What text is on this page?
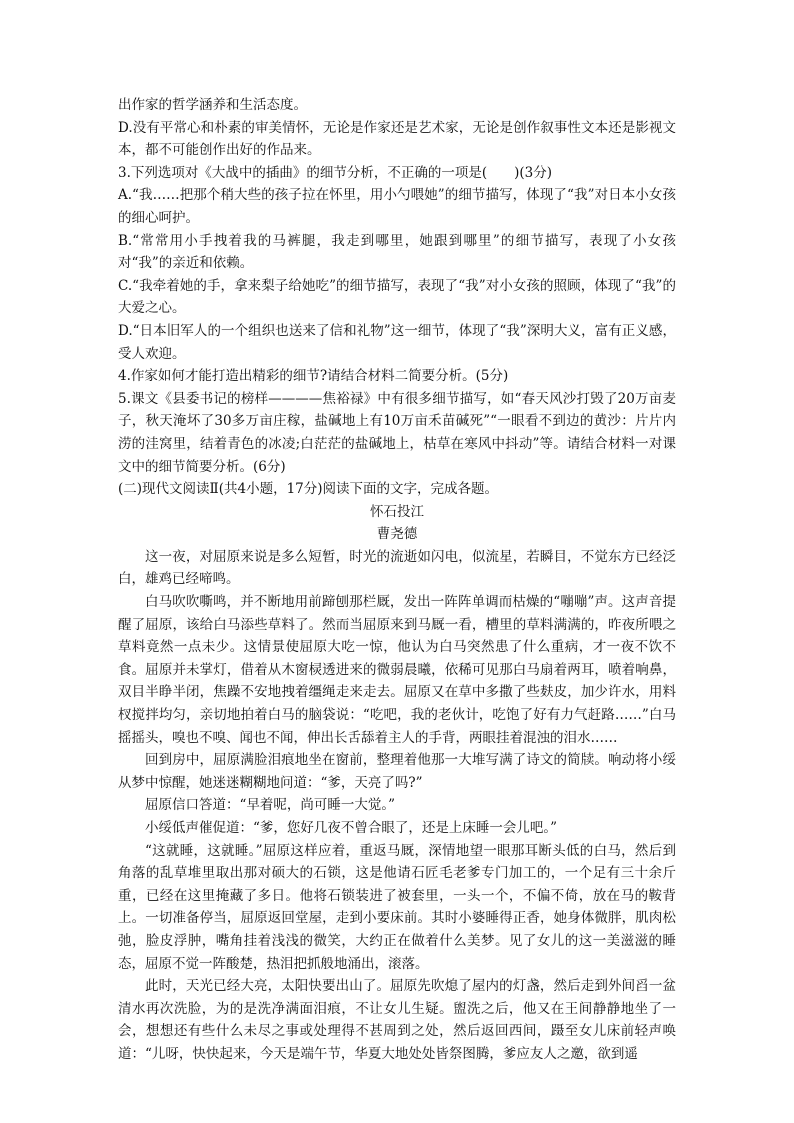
出作家的哲学涵养和生活态度。

D.没有平常心和朴素的审美情怀，无论是作家还是艺术家，无论是创作叙事性文本还是影视文本，都不可能创作出好的作品来。

3.下列选项对《大战中的插曲》的细节分析，不正确的一项是(　　)(3分)

A.“我……把那个稍大些的孩子拉在怀里，用小勺喂她”的细节描写，体现了“我”对日本小女孩的细心呵护。

B.“常常用小手拽着我的马裤腿，我走到哪里，她跟到哪里”的细节描写，表现了小女孩对“我”的亲近和依赖。

C.“我牵着她的手，拿来梨子给她吃”的细节描写，表现了“我”对小女孩的照顾，体现了“我”的大爱之心。

D.“日本旧军人的一个组织也送来了信和礼物”这一细节，体现了“我”深明大义，富有正义感，受人欢迎。

4.作家如何才能打造出精彩的细节?请结合材料二简要分析。(5分)

5.课文《县委书记的榜样————焦裕禄》中有很多细节描写，如“春天风沙打毁了20万亩麦子，秋天淹坏了30多万亩庄稼，盐碱地上有10万亩禾苗碱死”“一眼看不到边的黄沙：片片内涝的洼窝里，结着青色的冰凌;白茫茫的盐碱地上，枯草在寒风中抖动”等。请结合材料一对课文中的细节简要分析。(6分)

(二)现代文阅读Ⅱ(共4小题，17分)阅读下面的文字，完成各题。

怀石投江

曹尧德

这一夜，对屈原来说是多么短暂，时光的流逝如闪电，似流星，若瞬目，不觉东方已经泛白，雄鸡已经啼鸣。

白马吹吹嘶鸣，并不断地用前蹄刨那栏厩，发出一阵阵单调而枯燥的“嘣嘣”声。这声音提醒了屈原，该给白马添些草料了。然而当屈原来到马厩一看，槽里的草料满满的，昨夜所喂之草料竟然一点未少。这情景使屈原大吃一惊，他认为白马突然患了什么重病，才一夜不饮不食。屈原并未掌灯，借着从木窗棂透进来的微弱晨曦，依稀可见那白马扇着两耳，喷着响鼻，双目半睁半闭，焦躁不安地拽着缰绳走来走去。屈原又在草中多撒了些麸皮，加少许水，用料杈搅拌均匀，亲切地拍着白马的脑袋说：“吃吧，我的老伙计，吃饱了好有力气赶路……”白马摇摇头，嗅也不嗅、闻也不闻，伸出长舌舔着主人的手背，两眼挂着混浊的泪水……

回到房中，屈原满脸泪痕地坐在窗前，整理着他那一大堆写满了诗文的简牍。响动将小绥从梦中惊醒，她迷迷糊糊地问道：“爹，天亮了吗?”

屈原信口答道：“早着呢，尚可睡一大觉。”

小绥低声催促道：“爹，您好几夜不曾合眼了，还是上床睡一会儿吧。”

“这就睡，这就睡。”屈原这样应着，重返马厩，深情地望一眼那耳断头低的白马，然后到角落的乱草堆里取出那对硕大的石锁，这是他请石匠毛老爹专门加工的，一个足有三十余斤重，已经在这里掩藏了多日。他将石锁装进了被套里，一头一个，不偏不倚，放在马的鞍背上。一切准备停当，屈原返回堂屋，走到小要床前。其时小婆睡得正香，她身体微胖，肌肉松弛，脸皮浮肿，嘴角挂着浅浅的微笑，大约正在做着什么美梦。见了女儿的这一美滋滋的睡态，屈原不觉一阵酸楚，热泪把抓般地涌出，滚落。

此时，天光已经大亮，太阳快要出山了。屈原先吹熄了屋内的灯盏，然后走到外间舀一盆清水再次洗脸，为的是洗净满面泪痕，不让女儿生疑。盥洗之后，他又在王间静静地坐了一会，想想还有些什么未尽之事或处理得不甚周到之处，然后返回西间，蹑至女儿床前轻声唤道：“儿呀，快快起来，今天是端午节，华夏大地处处皆祭图腾，爹应友人之邀，欲到遥
